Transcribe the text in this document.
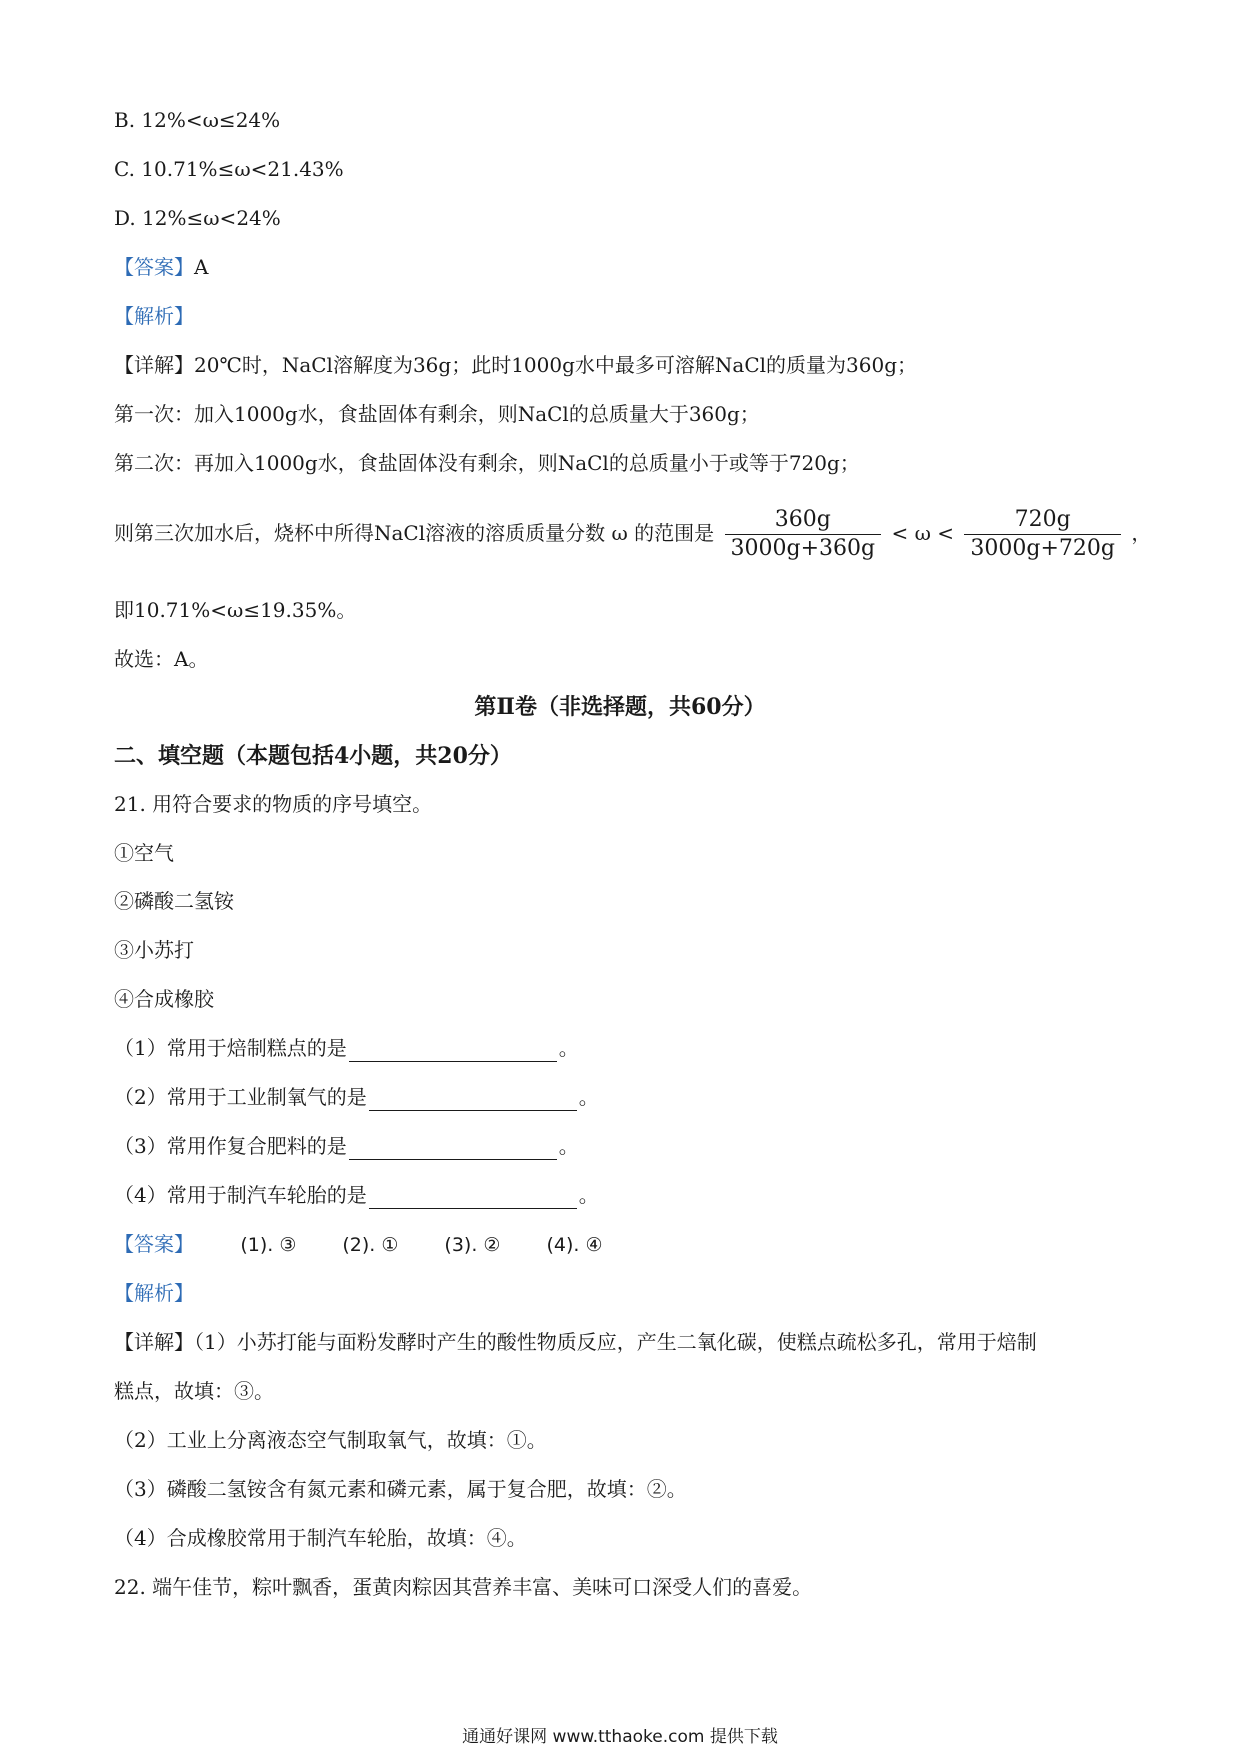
B. 12%<ω≤24%
C. 10.71%≤ω<21.43%
D. 12%≤ω<24%
【答案】A
【解析】
【详解】20℃时，NaCl溶解度为36g；此时1000g水中最多可溶解NaCl的质量为360g；
第一次：加入1000g水，食盐固体有剩余，则NaCl的总质量大于360g；
第二次：再加入1000g水，食盐固体没有剩余，则NaCl的总质量小于或等于720g；
则第三次加水后，烧杯中所得NaCl溶液的溶质质量分数 ω 的范围是 $\frac{360g}{3000g+360g} < \omega < \frac{720g}{3000g+720g}$ ，
即10.71%<ω≤19.35%。
故选：A。
第Ⅱ卷（非选择题，共60分）
二、填空题（本题包括4小题，共20分）
21. 用符合要求的物质的序号填空。
①空气
②磷酸二氢铵
③小苏打
④合成橡胶
（1）常用于焙制糕点的是	。
（2）常用于工业制氧气的是	。
（3）常用作复合肥料的是	。
（4）常用于制汽车轮胎的是	。
【答案】 (1). ③ (2). ① (3). ② (4). ④
【解析】
【详解】（1）小苏打能与面粉发酵时产生的酸性物质反应，产生二氧化碳，使糕点疏松多孔，常用于焙制
糕点，故填：③。
（2）工业上分离液态空气制取氧气，故填：①。
（3）磷酸二氢铵含有氮元素和磷元素，属于复合肥，故填：②。
（4）合成橡胶常用于制汽车轮胎，故填：④。
22. 端午佳节，粽叶飘香，蛋黄肉粽因其营养丰富、美味可口深受人们的喜爱。
通通好课网 www.tthaoke.com 提供下载
